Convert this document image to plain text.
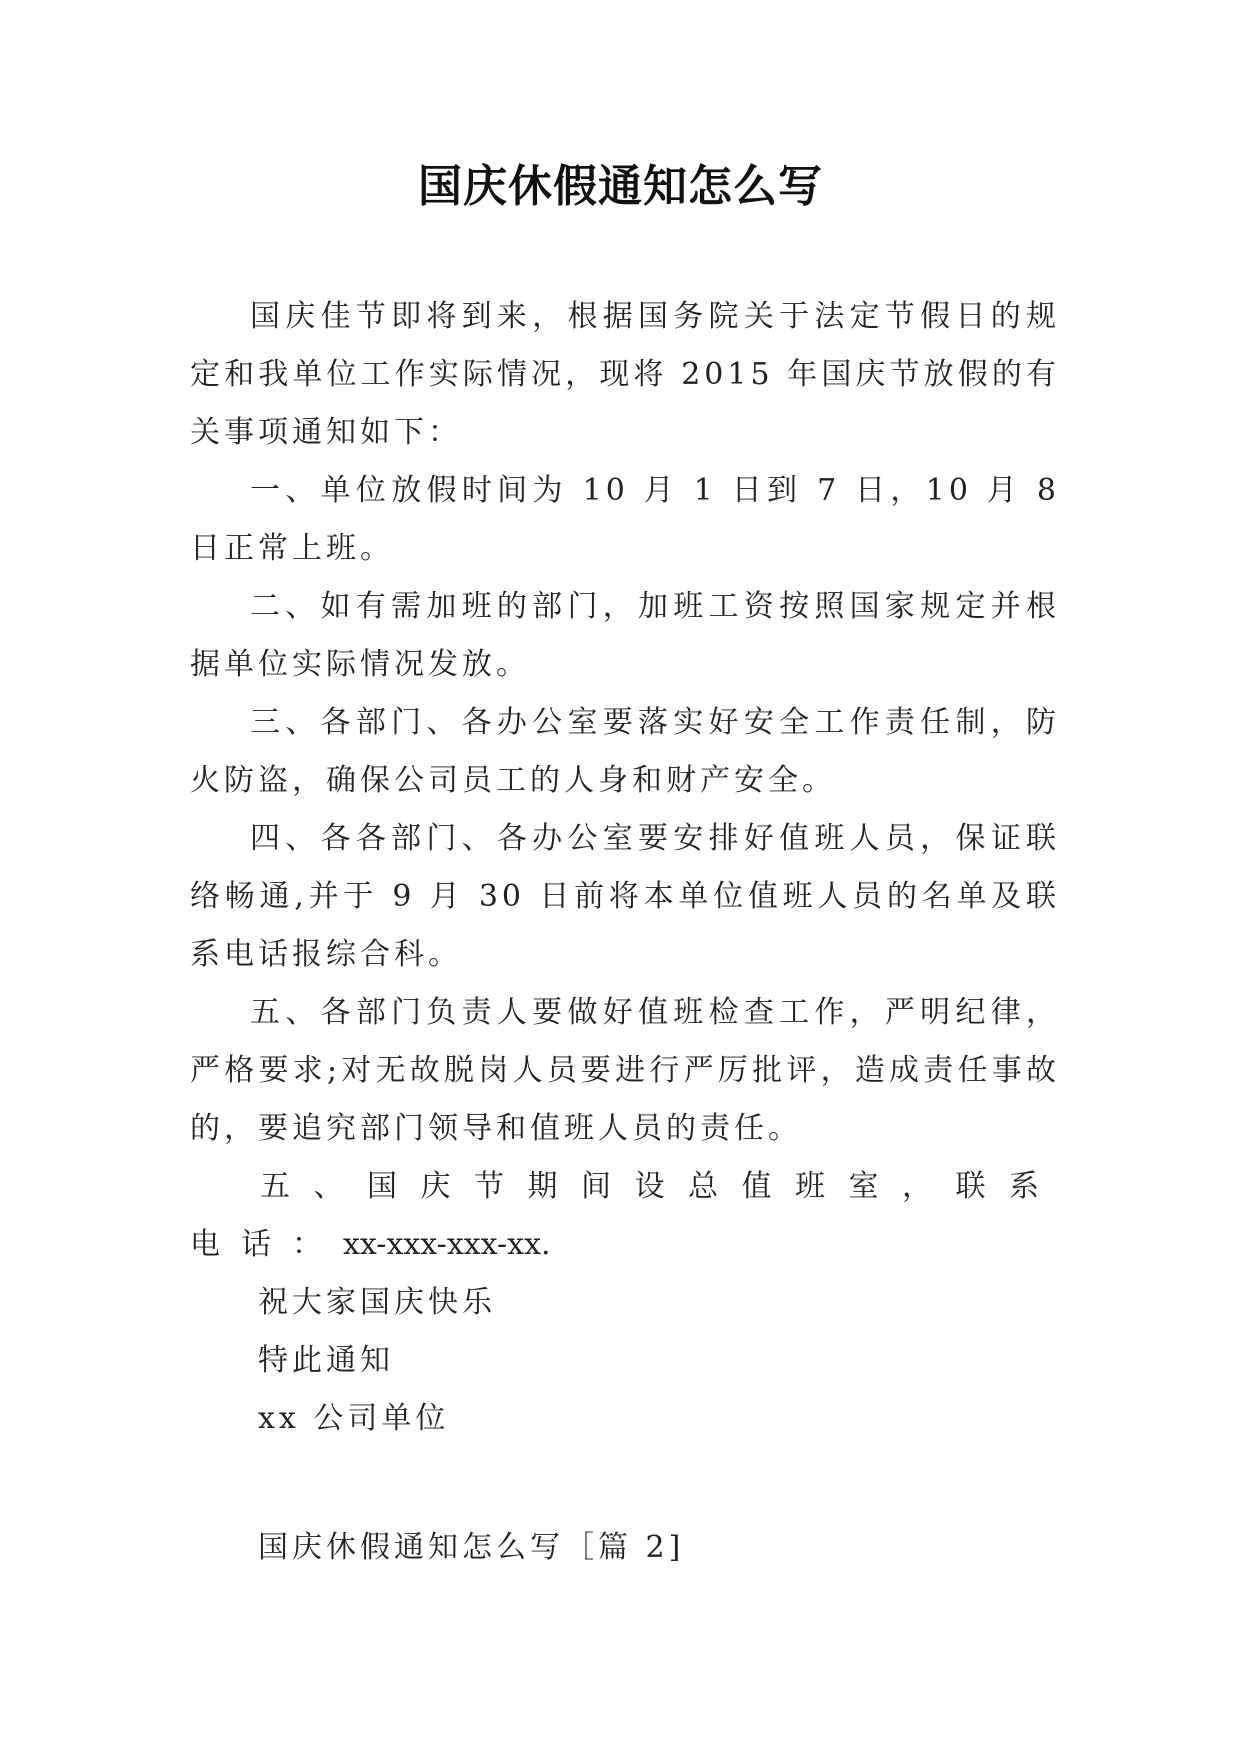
国庆休假通知怎么写

国庆佳节即将到来，根据国务院关于法定节假日的规定和我单位工作实际情况，现将 2015 年国庆节放假的有关事项通知如下：

一、单位放假时间为 10 月 1 日到 7 日，10 月 8 日正常上班。

二、如有需加班的部门，加班工资按照国家规定并根据单位实际情况发放。

三、各部门、各办公室要落实好安全工作责任制，防火防盗，确保公司员工的人身和财产安全。

四、各各部门、各办公室要安排好值班人员，保证联络畅通,并于 9 月 30 日前将本单位值班人员的名单及联系电话报综合科。

五、各部门负责人要做好值班检查工作，严明纪律，严格要求;对无故脱岗人员要进行严厉批评，造成责任事故的，要追究部门领导和值班人员的责任。

五、国庆节期间设总值班室，联系电话：xx-xxx-xxx-xx.

祝大家国庆快乐

特此通知

xx 公司单位

国庆休假通知怎么写［篇 2]
